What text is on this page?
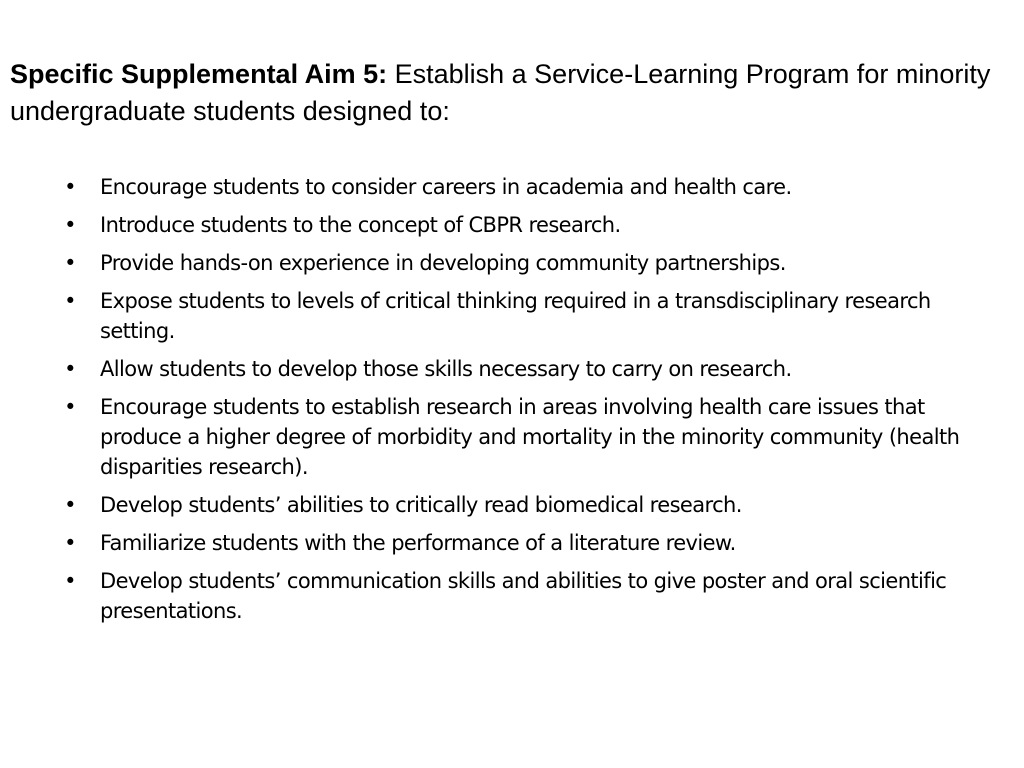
Specific Supplemental Aim 5: Establish a Service-Learning Program for minority undergraduate students designed to:
• Encourage students to consider careers in academia and health care.
• Introduce students to the concept of CBPR research.
• Provide hands-on experience in developing community partnerships.
• Expose students to levels of critical thinking required in a transdisciplinary research setting.
• Allow students to develop those skills necessary to carry on research.
• Encourage students to establish research in areas involving health care issues that produce a higher degree of morbidity and mortality in the minority community (health disparities research).
• Develop students’ abilities to critically read biomedical research.
• Familiarize students with the performance of a literature review.
• Develop students’ communication skills and abilities to give poster and oral scientific presentations.
